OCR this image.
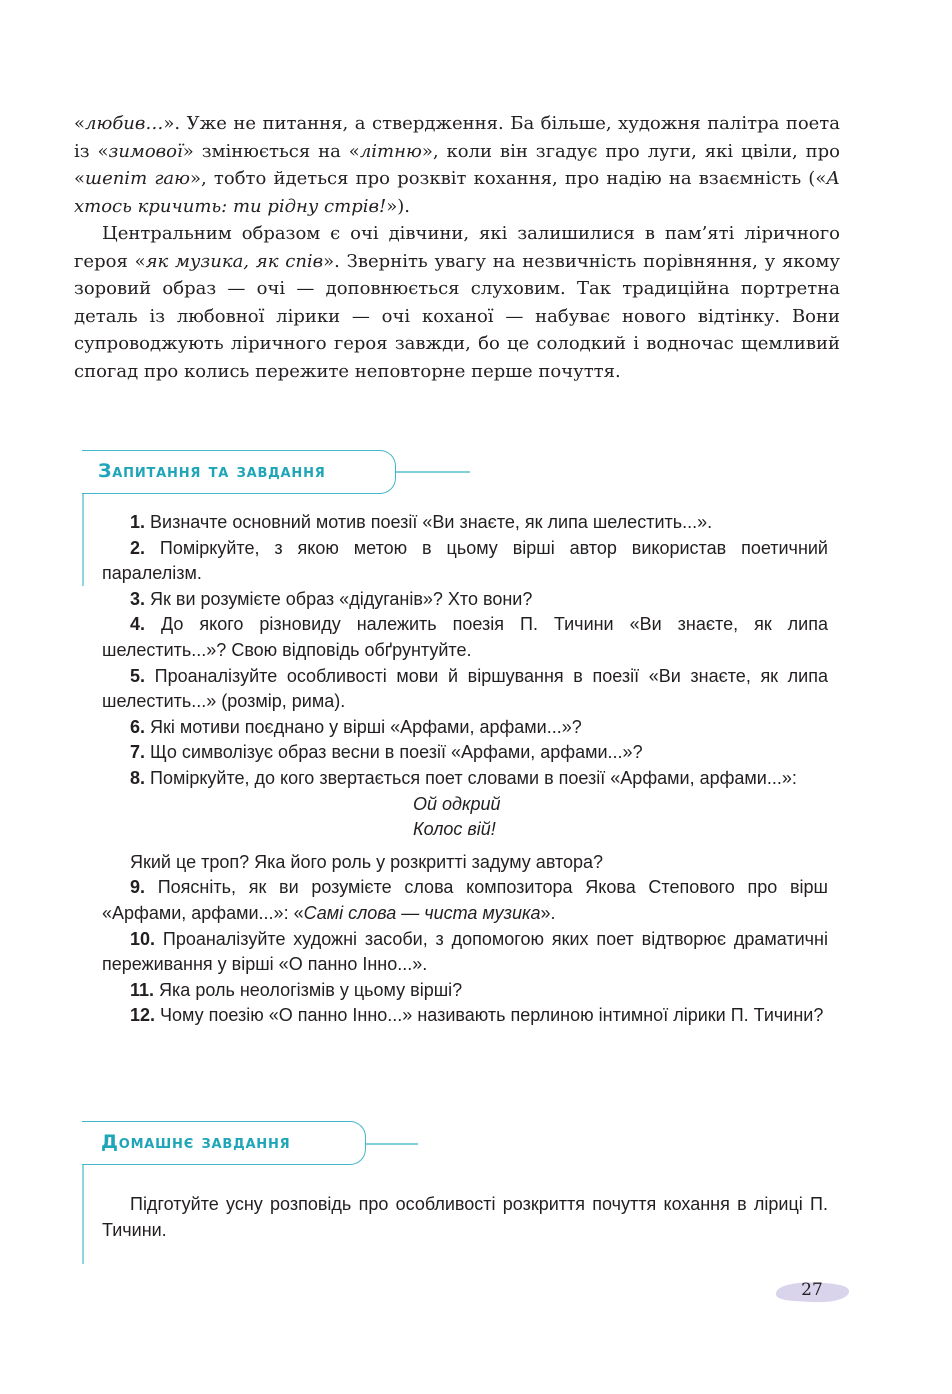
«любив…». Уже не питання, а ствердження. Ба більше, художня палітра поета із «зимової» змінюється на «літню», коли він згадує про луги, які цвіли, про «шепіт гаю», тобто йдеться про розквіт кохання, про надію на взаємність («А хтось кричить: ти рідну стрів!»).

Центральним образом є очі дівчини, які залишилися в пам’яті ліричного героя «як музика, як спів». Зверніть увагу на незвичність порівняння, у якому зоровий образ — очі — доповнюється слуховим. Так традиційна портретна деталь із любовної лірики — очі коханої — набуває нового відтінку. Вони супроводжують ліричного героя завжди, бо це солодкий і водночас щемливий спогад про колись пережите неповторне перше почуття.

Запитання та завдання

1. Визначте основний мотив поезії «Ви знаєте, як липа шелестить...».

2. Поміркуйте, з якою метою в цьому вірші автор використав поетичний паралелізм.

3. Як ви розумієте образ «дідуганів»? Хто вони?

4. До якого різновиду належить поезія П. Тичини «Ви знаєте, як липа шелестить...»? Свою відповідь обґрунтуйте.

5. Проаналізуйте особливості мови й віршування в поезії «Ви знаєте, як липа шелестить...» (розмір, рима).

6. Які мотиви поєднано у вірші «Арфами, арфами...»?

7. Що символізує образ весни в поезії «Арфами, арфами...»?

8. Поміркуйте, до кого звертається поет словами в поезії «Арфами, арфами...»:

Ой одкрий

Колос вій!

Який це троп? Яка його роль у розкритті задуму автора?

9. Поясніть, як ви розумієте слова композитора Якова Степового про вірш «Арфами, арфами...»: «Самі слова — чиста музика».

10. Проаналізуйте художні засоби, з допомогою яких поет відтворює драматичні переживання у вірші «О панно Інно...».

11. Яка роль неологізмів у цьому вірші?

12. Чому поезію «О панно Інно...» називають перлиною інтимної лірики П. Тичини?

Домашнє завдання

Підготуйте усну розповідь про особливості розкриття почуття кохання в ліриці П. Тичини.

27
